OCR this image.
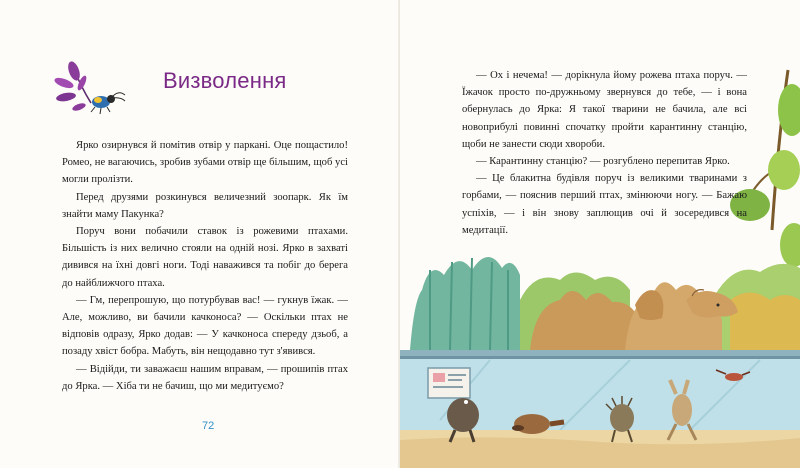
Визволення

Ярко озирнувся й помітив отвір у паркані. Оце пощастило! Ромео, не вагаючись, зробив зубами отвір ще більшим, щоб усі могли пролізти.

Перед друзями розкинувся величезний зоопарк. Як їм знайти маму Пакунка?

Поруч вони побачили ставок із рожевими птахами. Більшість із них велично стояли на одній нозі. Ярко в захваті дивився на їхні довгі ноги. Тоді наважився та побіг до берега до найближчого птаха.

— Гм, перепрошую, що потурбував вас! — гукнув їжак. — Але, можливо, ви бачили качконоса? — Оскільки птах не відповів одразу, Ярко додав: — У качконоса спереду дзьоб, а позаду хвіст бобра. Мабуть, він нещодавно тут з'явився.

— Відійди, ти заважаєш нашим вправам, — прошипів птах до Ярка. — Хіба ти не бачиш, що ми медитуємо?

72

— Ох і нечема! — дорікнула йому рожева птаха поруч. — Їжачок просто по-дружньому звернувся до тебе, — і вона обернулась до Ярка: Я такої тварини не бачила, але всі новоприбулі повинні спочатку пройти карантинну станцію, щоби не занести сюди хвороби.

— Карантинну станцію? — розгублено перепитав Ярко.

— Це блакитна будівля поруч із великими тваринами з горбами, — пояснив перший птах, змінюючи ногу. — Бажаю успіхів, — і він знову заплющив очі й зосередився на медитації.
